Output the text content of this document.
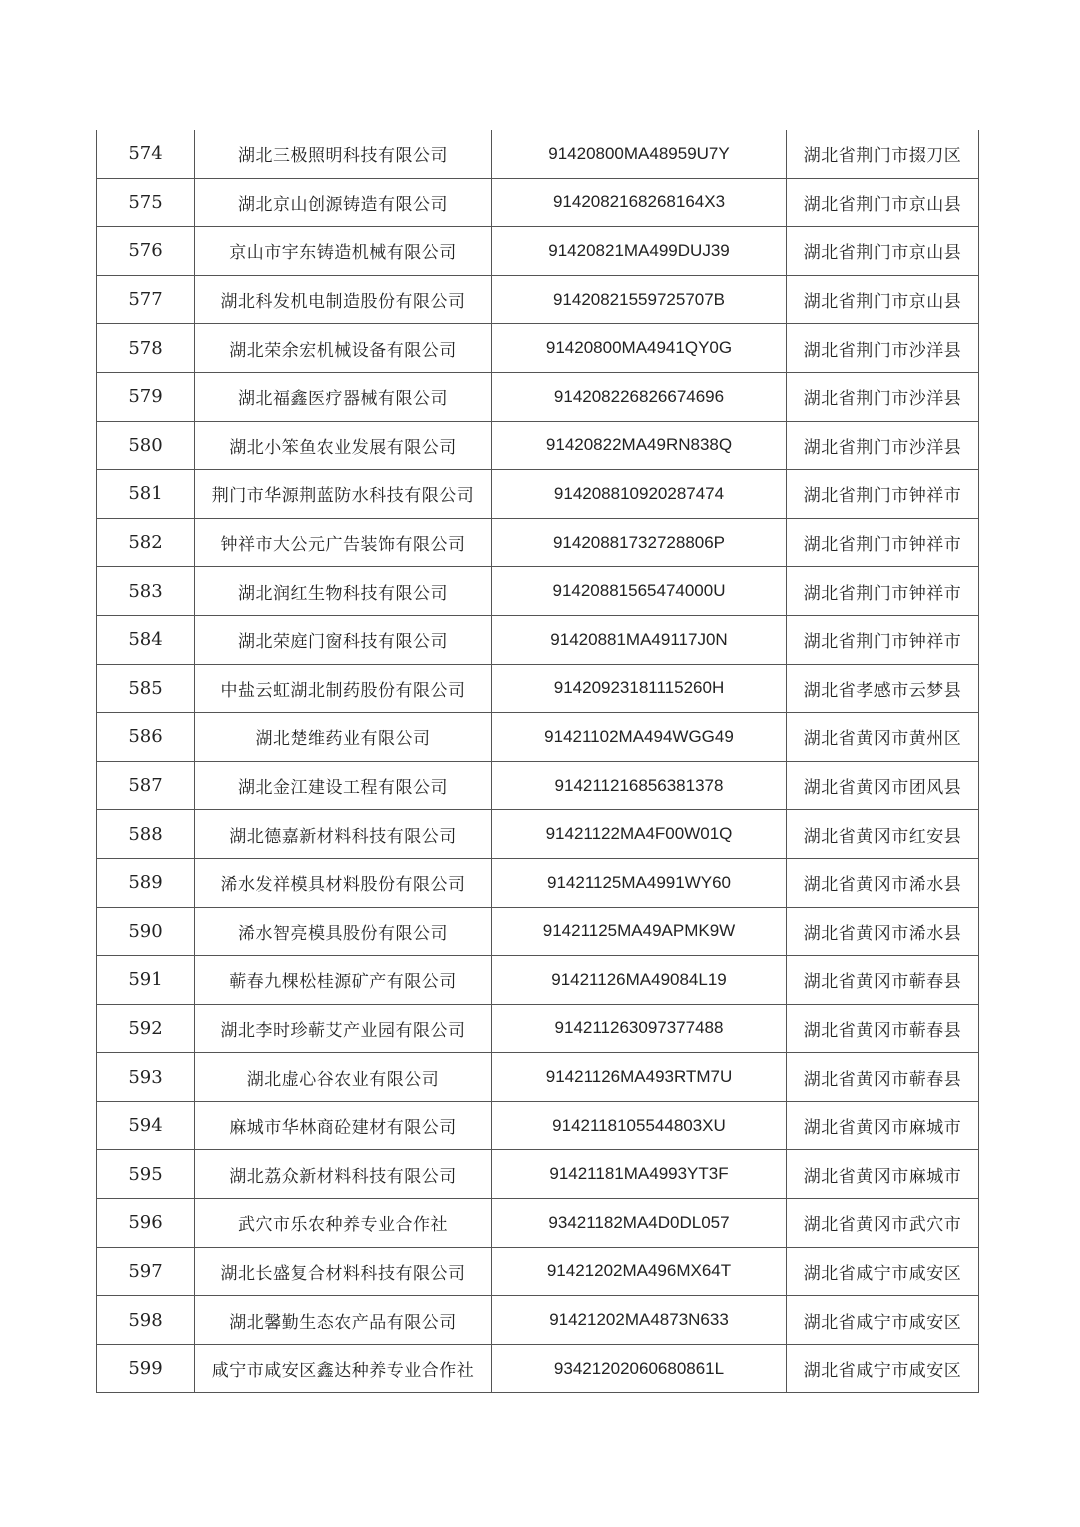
574	湖北三极照明科技有限公司	91420800MA48959U7Y	湖北省荆门市掇刀区
575	湖北京山创源铸造有限公司	9142082168268164X3	湖北省荆门市京山县
576	京山市宇东铸造机械有限公司	91420821MA499DUJ39	湖北省荆门市京山县
577	湖北科发机电制造股份有限公司	91420821559725707B	湖北省荆门市京山县
578	湖北荣余宏机械设备有限公司	91420800MA4941QY0G	湖北省荆门市沙洋县
579	湖北福鑫医疗器械有限公司	914208226826674696	湖北省荆门市沙洋县
580	湖北小笨鱼农业发展有限公司	91420822MA49RN838Q	湖北省荆门市沙洋县
581	荆门市华源荆蓝防水科技有限公司	914208810920287474	湖北省荆门市钟祥市
582	钟祥市大公元广告装饰有限公司	91420881732728806P	湖北省荆门市钟祥市
583	湖北润红生物科技有限公司	91420881565474000U	湖北省荆门市钟祥市
584	湖北荣庭门窗科技有限公司	91420881MA49117J0N	湖北省荆门市钟祥市
585	中盐云虹湖北制药股份有限公司	91420923181115260H	湖北省孝感市云梦县
586	湖北楚维药业有限公司	91421102MA494WGG49	湖北省黄冈市黄州区
587	湖北金江建设工程有限公司	914211216856381378	湖北省黄冈市团风县
588	湖北德嘉新材料科技有限公司	91421122MA4F00W01Q	湖北省黄冈市红安县
589	浠水发祥模具材料股份有限公司	91421125MA4991WY60	湖北省黄冈市浠水县
590	浠水智亮模具股份有限公司	91421125MA49APMK9W	湖北省黄冈市浠水县
591	蕲春九棵松桂源矿产有限公司	91421126MA49084L19	湖北省黄冈市蕲春县
592	湖北李时珍蕲艾产业园有限公司	914211263097377488	湖北省黄冈市蕲春县
593	湖北虚心谷农业有限公司	91421126MA493RTM7U	湖北省黄冈市蕲春县
594	麻城市华林商砼建材有限公司	9142118105544803XU	湖北省黄冈市麻城市
595	湖北荔众新材料科技有限公司	91421181MA4993YT3F	湖北省黄冈市麻城市
596	武穴市乐农种养专业合作社	93421182MA4D0DL057	湖北省黄冈市武穴市
597	湖北长盛复合材料科技有限公司	91421202MA496MX64T	湖北省咸宁市咸安区
598	湖北馨勤生态农产品有限公司	91421202MA4873N633	湖北省咸宁市咸安区
599	咸宁市咸安区鑫达种养专业合作社	93421202060680861L	湖北省咸宁市咸安区
